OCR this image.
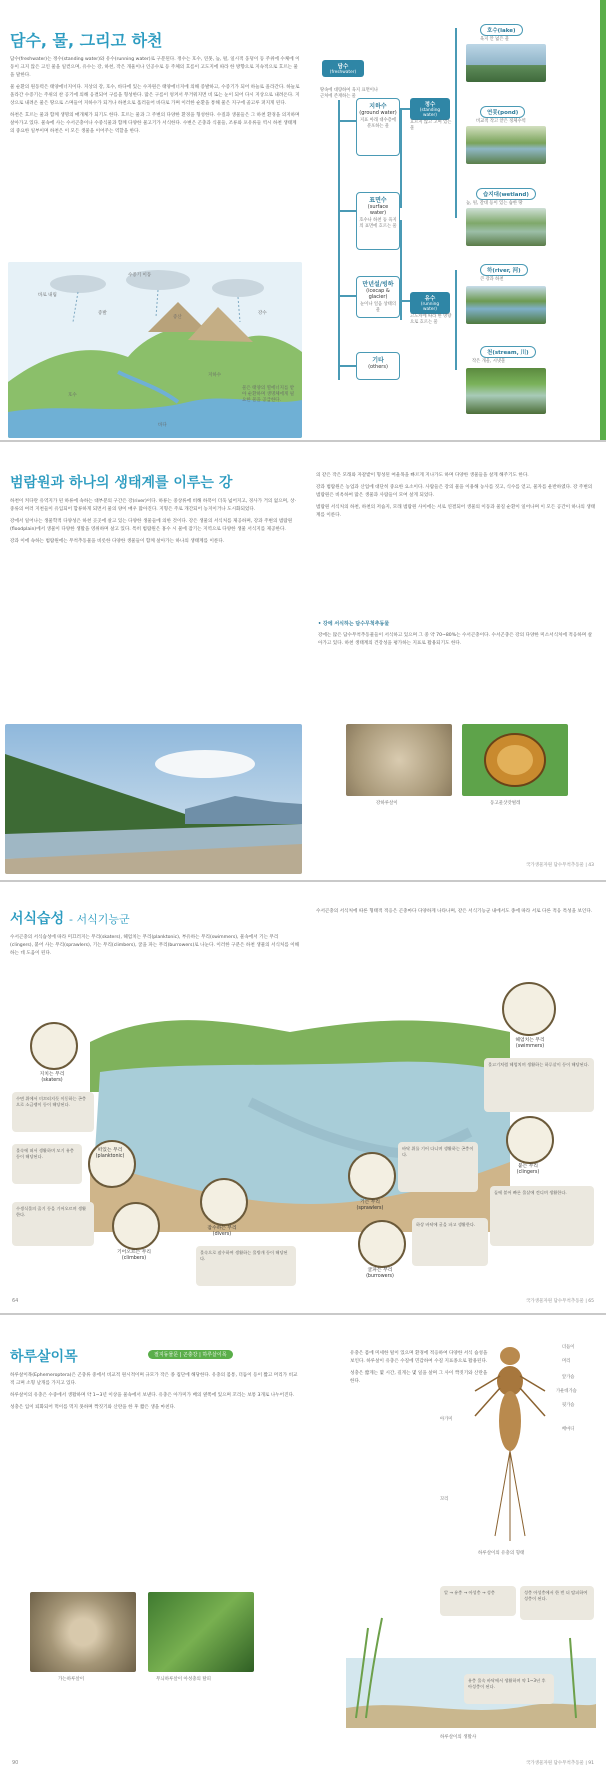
담수, 물, 그리고 하천

담수(freshwater)는 정수(standing water)와 유수(running water)로 구분된다. 정수는 호수, 연못, 늪, 펄, 일시적 웅덩이 등 주위에 수체에 이동이 크지 않은 고인 물을 일컫으며, 유수는 강, 하천, 작은 개울이나 인공수로 등 주체의 흐름이 고도지에 따라 한 방향으로 지속적으로 흐르는 물을 말한다.

물 순환의 원동력은 태양에너지이다. 지상의 강, 호수, 바다에 있는 수자원은 태양에너지에 의해 증발하고, 수증기가 되어 하늘로 올라간다. 하늘로 올라간 수증기는 주위의 찬 공기에 의해 응결되어 구름을 형성한다. 많은 구름이 엉켜서 무거워지면 비 또는 눈이 되어 다시 지상으로 내려온다. 지상으로 내려온 물은 땅으로 스며들어 지하수가 되거나 하천으로 흘러들어 바다로 가며 이러한 순환을 통해 물은 지구에 골고루 퍼지게 된다.

하천은 흐르는 물과 함께 생명의 매개체가 되기도 한다. 흐르는 물과 그 주변의 다양한 환경을 형성한다. 수질과 생물들은 그 하천 환경을 의지하며 살아가고 있다. 물속에 사는 수서곤충이나 수중식물과 함께 다양한 물고기가 서식한다. 수변은 곤충과 식물들, 조류와 포유류들 역시 하천 생태계의 중요한 일부이며 하천은 이 모든 생물을 이어주는 역할을 한다.

수증기 이동
바로 내림
증발
증산
강수
지하수
호수
바다
물은 태양의 열에너지를 받아 순환하며 생명체에게 필요한 물을 공급한다.
담수
(freshwater)
땅속에 대량하여 육지 표면이나 근처에 존재하는 물
지하수
(ground water)
지표 아래 대수층에 분포하는 물
표면수
(surface water)
호수나 하천 등 육지의 표면에 흐르는 물
만년설/빙하
(icecap & glacier)
눈이나 얼음 상태의 물
기타
(others)
정수
(standing water)
흐르지 않고 고여 있는 물
유수
(running water)
고도차에 따라 한 방향으로 흐르는 물
호수(lake)
육지 안 넓은 물
연못(pond)
비교적 작고 얕은 정체수역
습지대(wetland)
늪, 펄, 갈대 등이 있는 습한 땅
하(river, 河)
큰 강과 하천
천(stream, 川)
작은 개울, 시냇물
범람원과 하나의 생태계를 이루는 강

하천이 커다란 유역지가 된 하류에 속하는 대부분의 구간은 강(river)이다. 하류는 중상류에 비해 하폭이 더욱 넓어지고, 경사가 거의 없으며, 상·중류의 여러 지천들이 유입되어 합류하게 되면서 물의 양이 매우 많아진다. 지형은 주로 개간되어 농지이거나 도시화되었다.

강에서 일어나는 생물학적 다양성은 하천 곳곳에 살고 있는 다양한 생물들에 의한 것이다. 강은 생물의 서식처를 제공하며, 강과 주변의 범람원(floodplain)에서 생물이 다양한 생활을 영위하며 살고 있다. 특히 범람원은 홍수 시 물에 잠기는 지역으로 다양한 생물 서식지를 제공한다.

강과 이에 속하는 범람원에는 무척추동물을 비롯한 다양한 생물들이 함께 살아가는 하나의 생태계를 이룬다.

의 같은 작은 모래와 자갈밭이 형성된 여울목을 빠르게 지나가도 하며 다양한 생물들을 살게 해주기도 한다.

강과 범람원은 농업과 산업에 대단히 중요한 요소이다. 사람들은 강의 물을 이용해 농사를 짓고, 식수를 얻고, 물자를 운반하였다. 강 주변의 범람원은 비옥하여 많은 생물과 사람들이 모여 살게 되었다.

범람원 서식처의 하천, 하천의 저습지, 모래 범람원 사이에는 서로 연결되어 생물의 이동과 물질 순환이 일어나며 이 모든 공간이 하나의 생태계를 이룬다.

• 강에 서식하는 담수무척추동물
강에는 많은 담수무척추동물들이 서식하고 있으며 그 중 약 70~80%는 수서곤충이다. 수서곤충은 강의 다양한 미소서식처에 적응하며 살아가고 있다. 하천 생태계의 건강성을 평가하는 지표로 활용되기도 한다.
강하루살이	동고물삿갓벌레
국가생물자원 담수무척추동물 | 43
서식습성 - 서식기능군
수서곤충의 서식습성에 따라 미끄러지는 무리(skaters), 헤엄치는 무리(planktonic), 부유하는 무리(swimmers), 물속에서 기는 무리(clingers), 붙어 사는 무리(sprawlers), 기는 무리(climbers), 굴을 파는 무리(burrowers)로 나눈다. 이러한 구분은 하천 생물의 서식처를 이해하는 데 도움이 된다.
수서곤충의 서식처에 따른 형태적 적응은 곤충마다 다양하게 나타나며, 같은 서식기능군 내에서도 종에 따라 서로 다른 적응 특성을 보인다.
지치는 무리
(skaters)
수면 위에서 미끄러지듯 이동하는 곤충으로 소금쟁이 등이 해당된다.
떠있는 무리
(planktonic)
물속에 떠서 생활하며 모기 유충 등이 해당된다.
기어오르는 무리
(climbers)
수생식물의 줄기 등을 기어오르며 생활한다.
잠수하는 무리
(divers)
물속으로 잠수하여 생활하는 물방개 등이 해당된다.
기는 무리
(sprawlers)
바닥 위를 기어 다니며 생활하는 곤충이다.
굴파는 무리
(burrowers)
하상 바닥에 굴을 파고 생활한다.
헤엄치는 무리
(swimmers)
물고기처럼 헤엄치며 생활하는 하루살이 등이 해당된다.
붙는 무리
(clingers)
돌에 붙어 빠른 물살에 견디며 생활한다.
64	국가생물자원 담수무척추동물 | 65
하루살이목	절지동물문 | 곤충강 | 하루살이목

하루살이목(Ephemeroptera)은 곤충류 중에서 비교적 원시적이며 규모가 작은 종 집단에 해당한다. 유충의 몸통, 더듬이 등이 짧고 머리가 비교적 크며 소형 날개를 가지고 있다.

하루살이의 유충은 수중에서 생활하며 약 1~3년 이상을 물속에서 보낸다. 유충은 아가미가 배의 옆쪽에 있으며 꼬리는 보통 3개로 나누어진다.

성충은 입이 퇴화되어 먹이를 먹지 못하며 짝짓기와 산란을 한 후 짧은 생을 마친다.

가는하루살이	무늬하루살이 아성충의 탈피
90

유충은 몸에 미세한 털이 있으며 환경에 적응하여 다양한 서식 습성을 보인다. 하루살이 유충은 수질에 민감하여 수질 지표종으로 활용된다.

성충은 짧게는 몇 시간, 길게는 몇 일을 살며 그 사이 짝짓기와 산란을 한다.

더듬이
머리
앞가슴
가운데가슴
뒷가슴
배마디
아가미
꼬리
하루살이의 유충의 형태
알 → 유충 → 아성충 → 성충	성충 아성충에서 한 번 더 탈피하여 성충이 된다.
유충 물속 바닥에서 생활하며 약 1~3년 후 아성충이 된다.
하루살이의 생활사
국가생물자원 담수무척추동물 | 91
